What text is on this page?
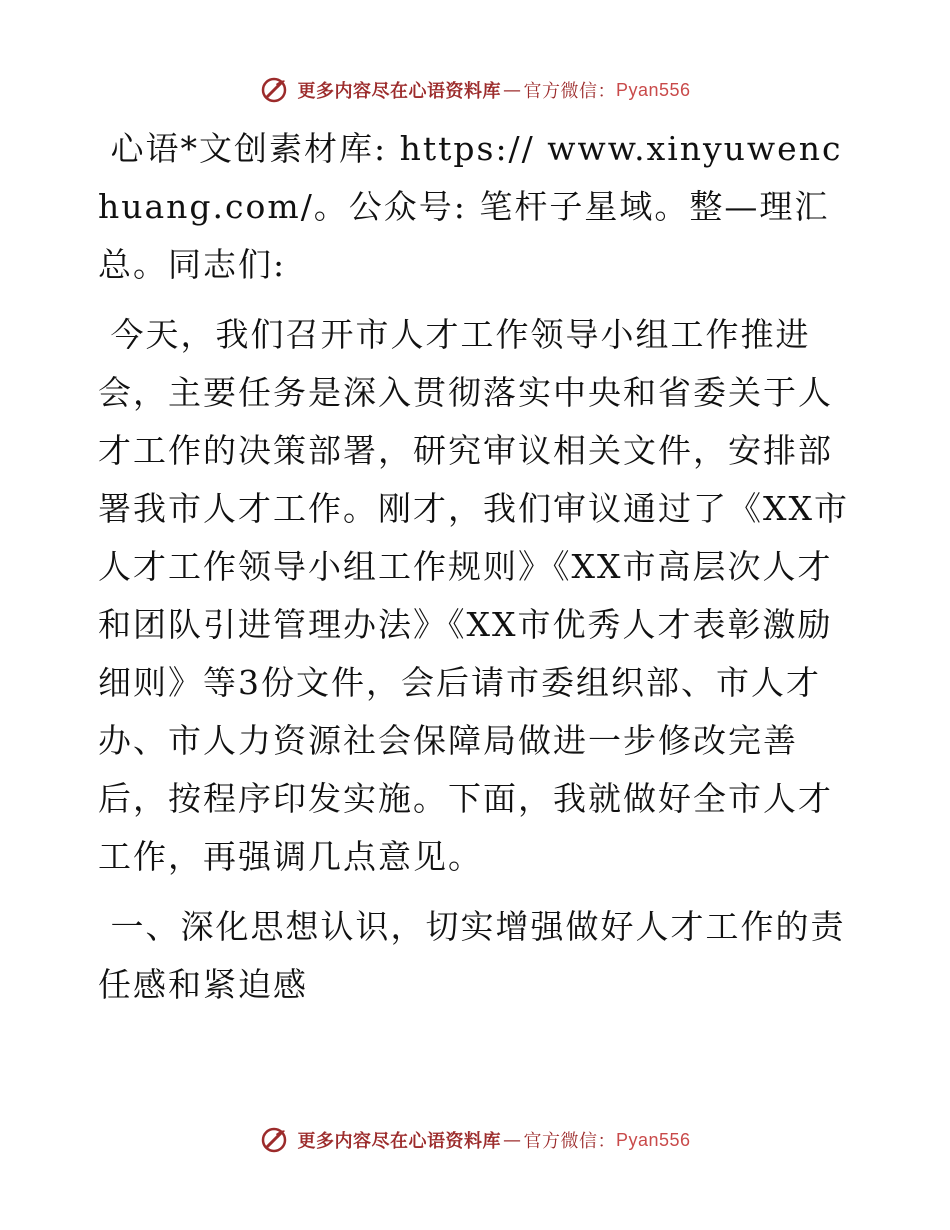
更多内容尽在心语资料库 — 官方微信： Pyan556

心语*文创素材库: https:// www.xinyuwenchuang.com/。公众号: 笔杆子星域。整—理汇总。同志们:

今天，我们召开市人才工作领导小组工作推进会，主要任务是深入贯彻落实中央和省委关于人才工作的决策部署，研究审议相关文件，安排部署我市人才工作。刚才，我们审议通过了《XX市人才工作领导小组工作规则》《XX市高层次人才和团队引进管理办法》《XX市优秀人才表彰激励细则》等3份文件，会后请市委组织部、市人才办、市人力资源社会保障局做进一步修改完善后，按程序印发实施。下面，我就做好全市人才工作，再强调几点意见。

一、深化思想认识，切实增强做好人才工作的责任感和紧迫感

更多内容尽在心语资料库 — 官方微信： Pyan556
